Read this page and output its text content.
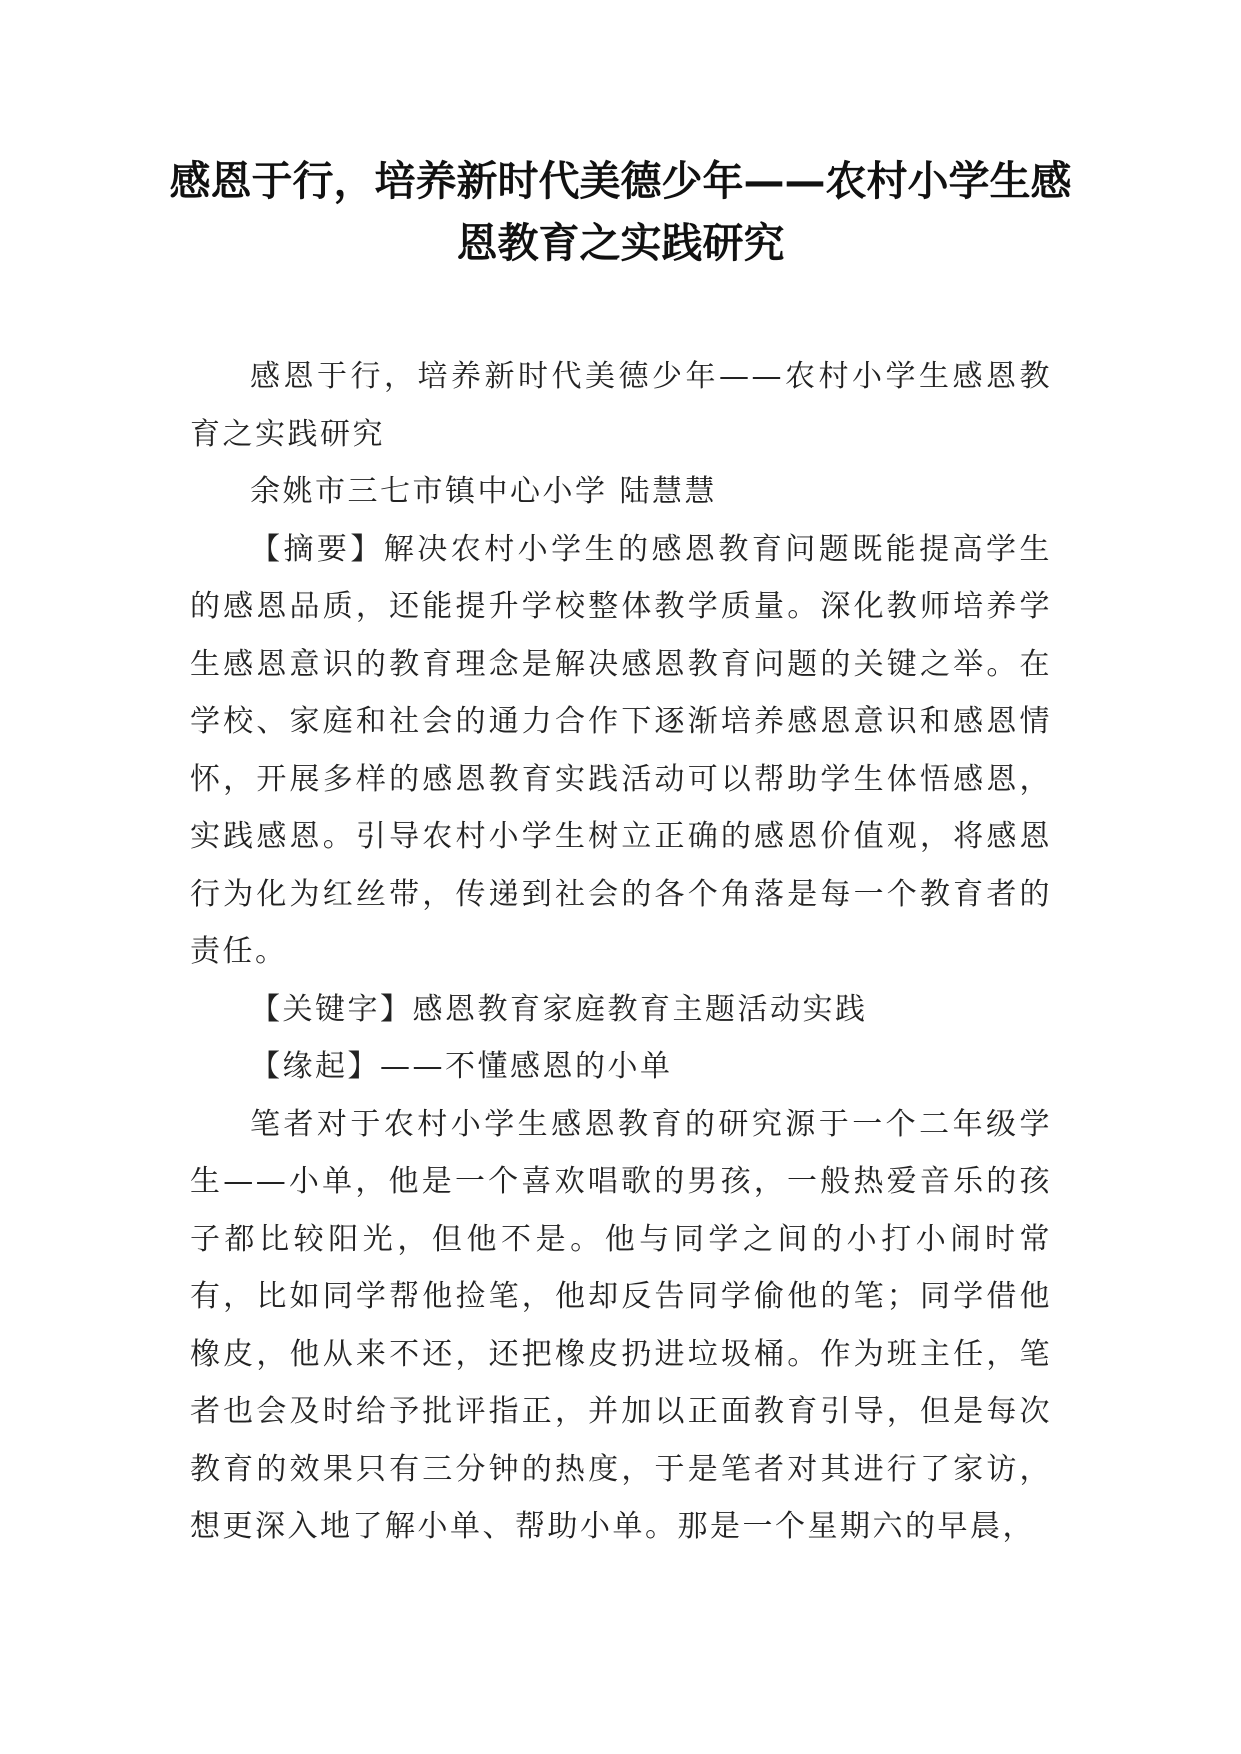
感恩于行，培养新时代美德少年——农村小学生感恩教育之实践研究

感恩于行，培养新时代美德少年——农村小学生感恩教育之实践研究

余姚市三七市镇中心小学 陆慧慧

【摘要】解决农村小学生的感恩教育问题既能提高学生的感恩品质，还能提升学校整体教学质量。深化教师培养学生感恩意识的教育理念是解决感恩教育问题的关键之举。在学校、家庭和社会的通力合作下逐渐培养感恩意识和感恩情怀，开展多样的感恩教育实践活动可以帮助学生体悟感恩，实践感恩。引导农村小学生树立正确的感恩价值观，将感恩行为化为红丝带，传递到社会的各个角落是每一个教育者的责任。

【关键字】感恩教育家庭教育主题活动实践

【缘起】——不懂感恩的小单

笔者对于农村小学生感恩教育的研究源于一个二年级学生——小单，他是一个喜欢唱歌的男孩，一般热爱音乐的孩子都比较阳光，但他不是。他与同学之间的小打小闹时常有，比如同学帮他捡笔，他却反告同学偷他的笔；同学借他橡皮，他从来不还，还把橡皮扔进垃圾桶。作为班主任，笔者也会及时给予批评指正，并加以正面教育引导，但是每次教育的效果只有三分钟的热度，于是笔者对其进行了家访，想更深入地了解小单、帮助小单。那是一个星期六的早晨，
